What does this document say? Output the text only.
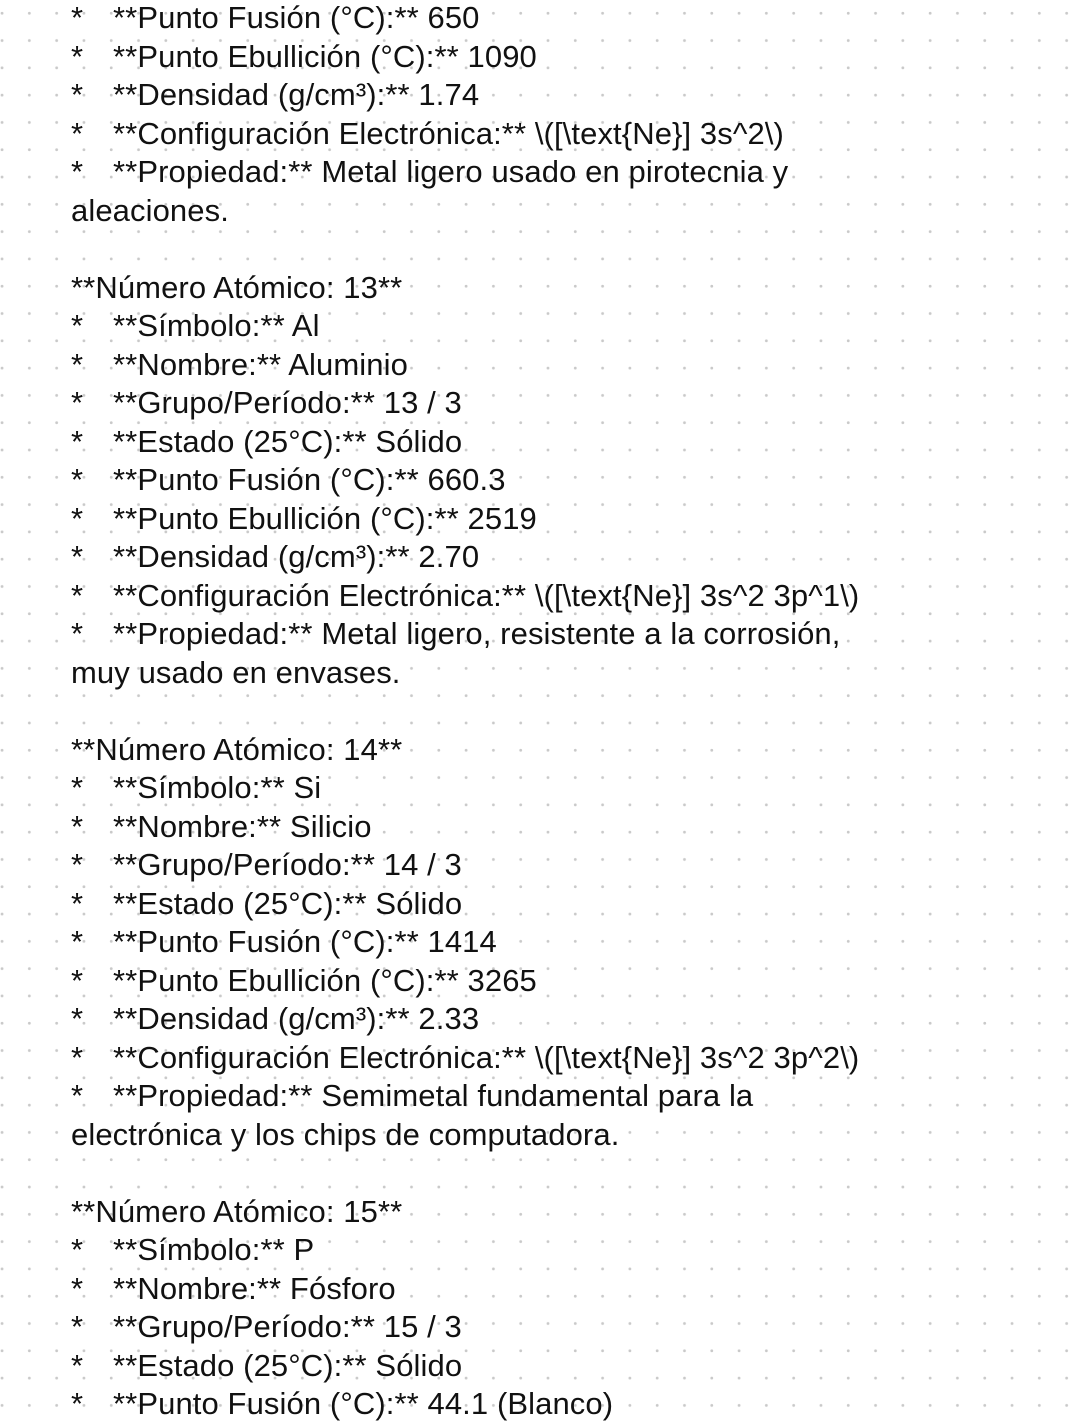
* **Punto Fusión (°C):** 650
* **Punto Ebullición (°C):** 1090
* **Densidad (g/cm³):** 1.74
* **Configuración Electrónica:** \([\text{Ne}] 3s^2\)
* **Propiedad:** Metal ligero usado en pirotecnia y
aleaciones.
**Número Atómico: 13**
* **Símbolo:** Al
* **Nombre:** Aluminio
* **Grupo/Período:** 13 / 3
* **Estado (25°C):** Sólido
* **Punto Fusión (°C):** 660.3
* **Punto Ebullición (°C):** 2519
* **Densidad (g/cm³):** 2.70
* **Configuración Electrónica:** \([\text{Ne}] 3s^2 3p^1\)
* **Propiedad:** Metal ligero, resistente a la corrosión,
muy usado en envases.
**Número Atómico: 14**
* **Símbolo:** Si
* **Nombre:** Silicio
* **Grupo/Período:** 14 / 3
* **Estado (25°C):** Sólido
* **Punto Fusión (°C):** 1414
* **Punto Ebullición (°C):** 3265
* **Densidad (g/cm³):** 2.33
* **Configuración Electrónica:** \([\text{Ne}] 3s^2 3p^2\)
* **Propiedad:** Semimetal fundamental para la
electrónica y los chips de computadora.
**Número Atómico: 15**
* **Símbolo:** P
* **Nombre:** Fósforo
* **Grupo/Período:** 15 / 3
* **Estado (25°C):** Sólido
* **Punto Fusión (°C):** 44.1 (Blanco)
